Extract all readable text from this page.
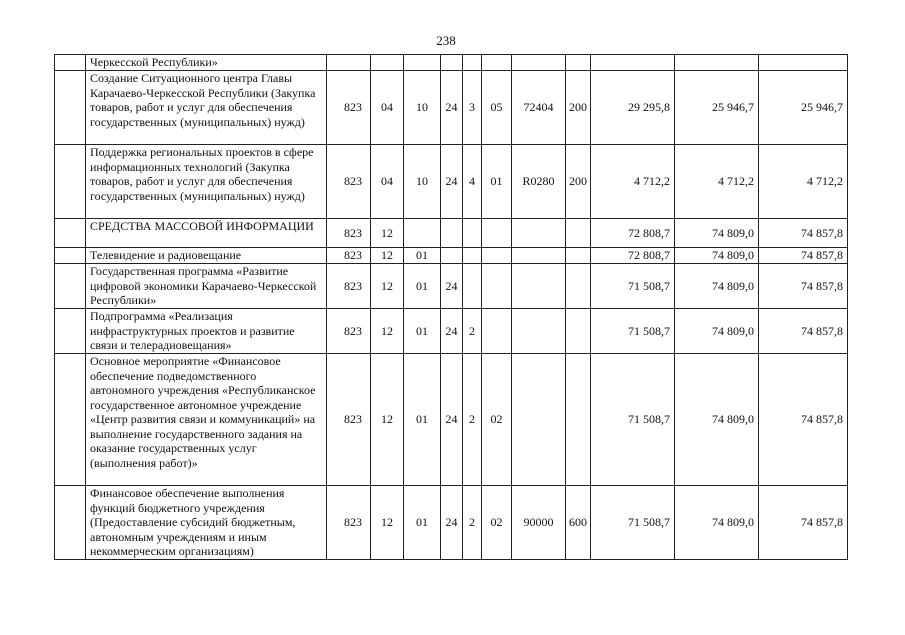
238
	Черкесской Республики»											
	Создание Ситуационного центра Главы Карачаево-Черкесской Республики (Закупка товаров, работ и услуг для обеспечения государственных (муниципальных) нужд)	823	04	10	24	3	05	72404	200	29 295,8	25 946,7	25 946,7
	Поддержка региональных проектов в сфере информационных технологий (Закупка товаров, работ и услуг для обеспечения государственных (муниципальных) нужд)	823	04	10	24	4	01	R0280	200	4 712,2	4 712,2	4 712,2
	СРЕДСТВА МАССОВОЙ ИНФОРМАЦИИ	823	12							72 808,7	74 809,0	74 857,8
	Телевидение и радиовещание	823	12	01						72 808,7	74 809,0	74 857,8
	Государственная программа «Развитие цифровой экономики Карачаево-Черкесской Республики»	823	12	01	24					71 508,7	74 809,0	74 857,8
	Подпрограмма «Реализация инфраструктурных проектов и развитие связи и телерадиовещания»	823	12	01	24	2				71 508,7	74 809,0	74 857,8
	Основное мероприятие «Финансовое обеспечение подведомственного автономного учреждения «Республиканское государственное автономное учреждение «Центр развития связи и коммуникаций» на выполнение государственного задания на оказание государственных услуг (выполнения работ)»	823	12	01	24	2	02			71 508,7	74 809,0	74 857,8
	Финансовое обеспечение выполнения функций бюджетного учреждения (Предоставление субсидий бюджетным, автономным учреждениям и иным некоммерческим организациям)	823	12	01	24	2	02	90000	600	71 508,7	74 809,0	74 857,8
